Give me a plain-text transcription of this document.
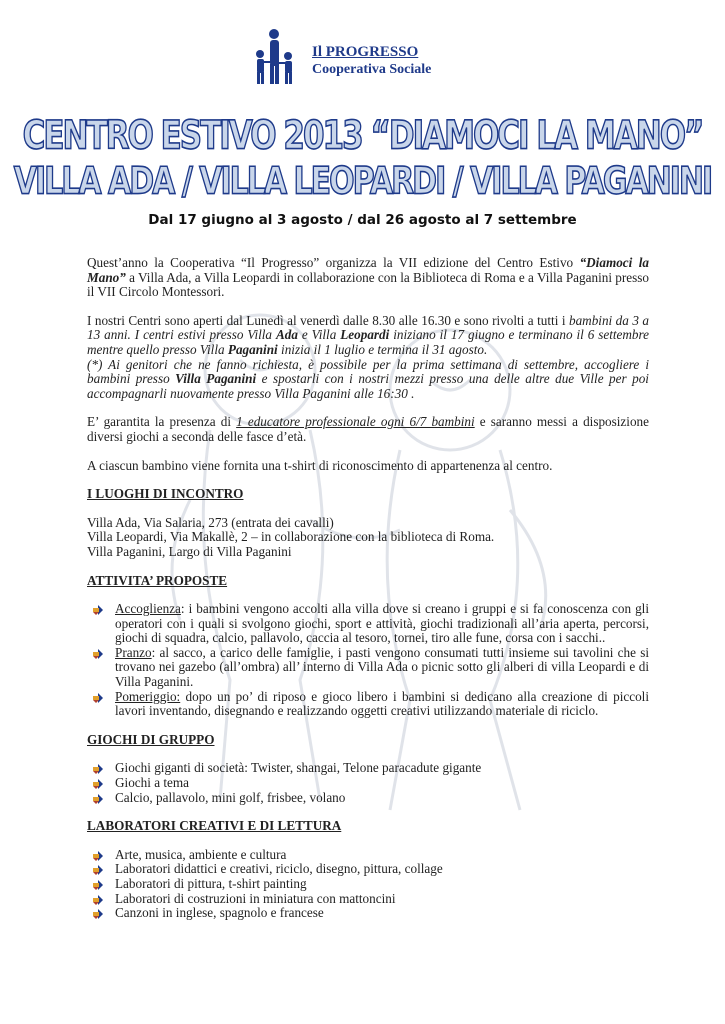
Il PROGRESSO
Cooperativa Sociale
CENTRO ESTIVO 2013 “DIAMOCI LA MANO”
VILLA ADA / VILLA LEOPARDI / VILLA PAGANINI
Dal 17 giugno al 3 agosto / dal 26 agosto al 7 settembre

Quest’anno la Cooperativa “Il Progresso” organizza la VII edizione del Centro Estivo “Diamoci la Mano” a Villa Ada, a Villa Leopardi in collaborazione con la Biblioteca di Roma e a Villa Paganini presso il VII Circolo Montessori.

I nostri Centri sono aperti dal Lunedì al venerdì dalle 8.30 alle 16.30 e sono rivolti a tutti i bambini da 3 a 13 anni. I centri estivi presso Villa Ada e Villa Leopardi iniziano il 17 giugno e terminano il 6 settembre mentre quello presso Villa Paganini inizia il 1 luglio e termina il 31 agosto.

(*) Ai genitori che ne fanno richiesta, è possibile per la prima settimana di settembre, accogliere i bambini presso Villa Paganini e spostarli con i nostri mezzi presso una delle altre due Ville per poi accompagnarli nuovamente presso Villa Paganini alle 16:30 .

E’ garantita la presenza di 1 educatore professionale ogni 6/7 bambini e saranno messi a disposizione diversi giochi a seconda delle fasce d’età.

A ciascun bambino viene fornita una t-shirt di riconoscimento di appartenenza al centro.

I LUOGHI DI INCONTRO
Villa Ada, Via Salaria, 273 (entrata dei cavalli)
Villa Leopardi, Via Makallè, 2 – in collaborazione con la biblioteca di Roma.
Villa Paganini, Largo di Villa Paganini
ATTIVITA’ PROPOSTE
Accoglienza: i bambini vengono accolti alla villa dove si creano i gruppi e si fa conoscenza con gli operatori con i quali si svolgono giochi, sport e attività, giochi tradizionali all’aria aperta, percorsi, giochi di squadra, calcio, pallavolo, caccia al tesoro, tornei, tiro alle fune, corsa con i sacchi..
Pranzo: al sacco, a carico delle famiglie, i pasti vengono consumati tutti insieme sui tavolini che si trovano nei gazebo (all’ombra) all’ interno di Villa Ada o picnic sotto gli alberi di villa Leopardi e di Villa Paganini.
Pomeriggio: dopo un po’ di riposo e gioco libero i bambini si dedicano alla creazione di piccoli lavori inventando, disegnando e realizzando oggetti creativi utilizzando materiale di riciclo.
GIOCHI DI GRUPPO
Giochi giganti di società: Twister, shangai, Telone paracadute gigante
Giochi a tema
Calcio, pallavolo, mini golf, frisbee, volano
LABORATORI CREATIVI E DI LETTURA
Arte, musica, ambiente e cultura
Laboratori didattici e creativi, riciclo, disegno, pittura, collage
Laboratori di pittura, t-shirt painting
Laboratori di costruzioni in miniatura con mattoncini
Canzoni in inglese, spagnolo e francese
